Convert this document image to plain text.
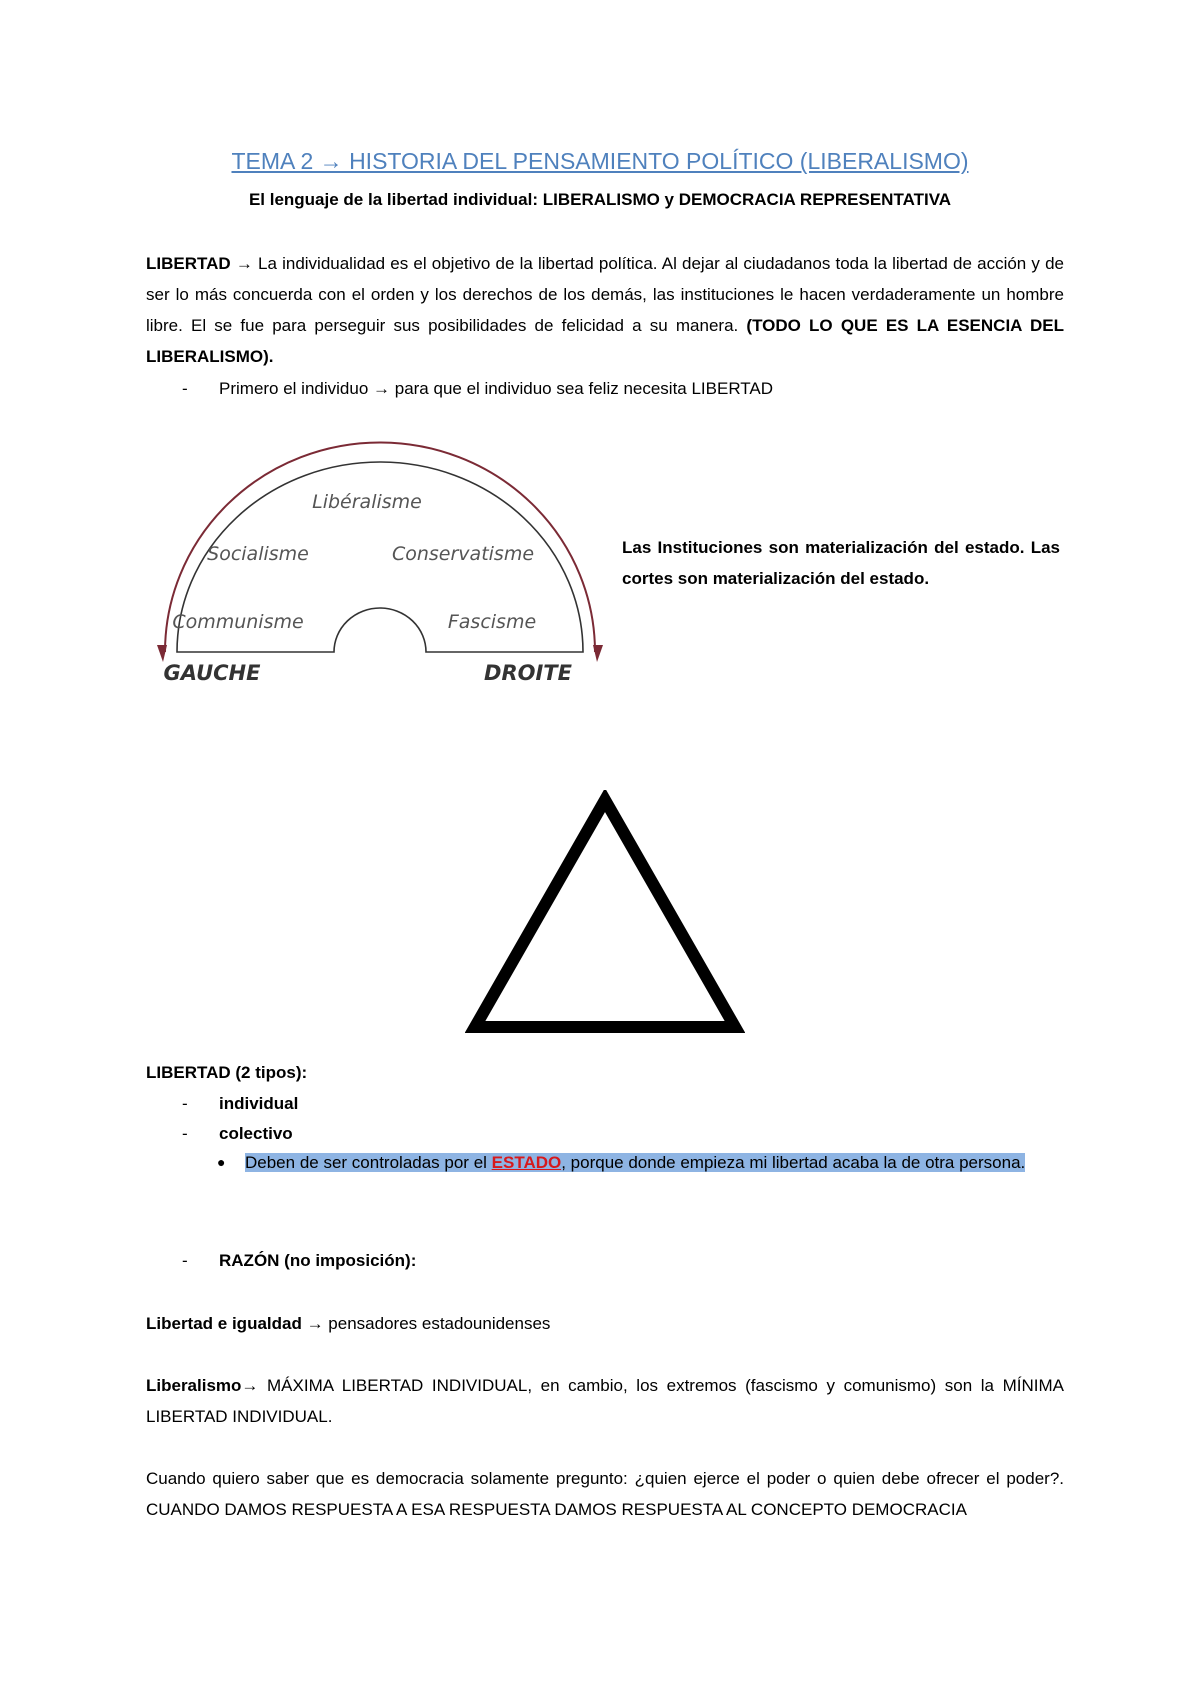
TEMA 2 → HISTORIA DEL PENSAMIENTO POLÍTICO (LIBERALISMO)

El lenguaje de la libertad individual: LIBERALISMO y DEMOCRACIA REPRESENTATIVA

LIBERTAD → La individualidad es el objetivo de la libertad política. Al dejar al ciudadanos toda la libertad de acción y de ser lo más concuerda con el orden y los derechos de los demás, las instituciones le hacen verdaderamente un hombre libre. El se fue para perseguir sus posibilidades de felicidad a su manera. (TODO LO QUE ES LA ESENCIA DEL LIBERALISMO).

- Primero el individuo → para que el individuo sea feliz necesita LIBERTAD
Libéralisme
Socialisme	Conservatisme
Communisme	Fascisme
GAUCHE	DROITE

Las Instituciones son materialización del estado. Las cortes son materialización del estado.

LIBERTAD (2 tipos):

- individual
- colectivo

● Deben de ser controladas por el ESTADO, porque donde empieza mi libertad acaba la de otra persona.

- RAZÓN (no imposición):

Libertad e igualdad → pensadores estadounidenses

Liberalismo→ MÁXIMA LIBERTAD INDIVIDUAL, en cambio, los extremos (fascismo y comunismo) son la MÍNIMA LIBERTAD INDIVIDUAL.

Cuando quiero saber que es democracia solamente pregunto: ¿quien ejerce el poder o quien debe ofrecer el poder?. CUANDO DAMOS RESPUESTA A ESA RESPUESTA DAMOS RESPUESTA AL CONCEPTO DEMOCRACIA
